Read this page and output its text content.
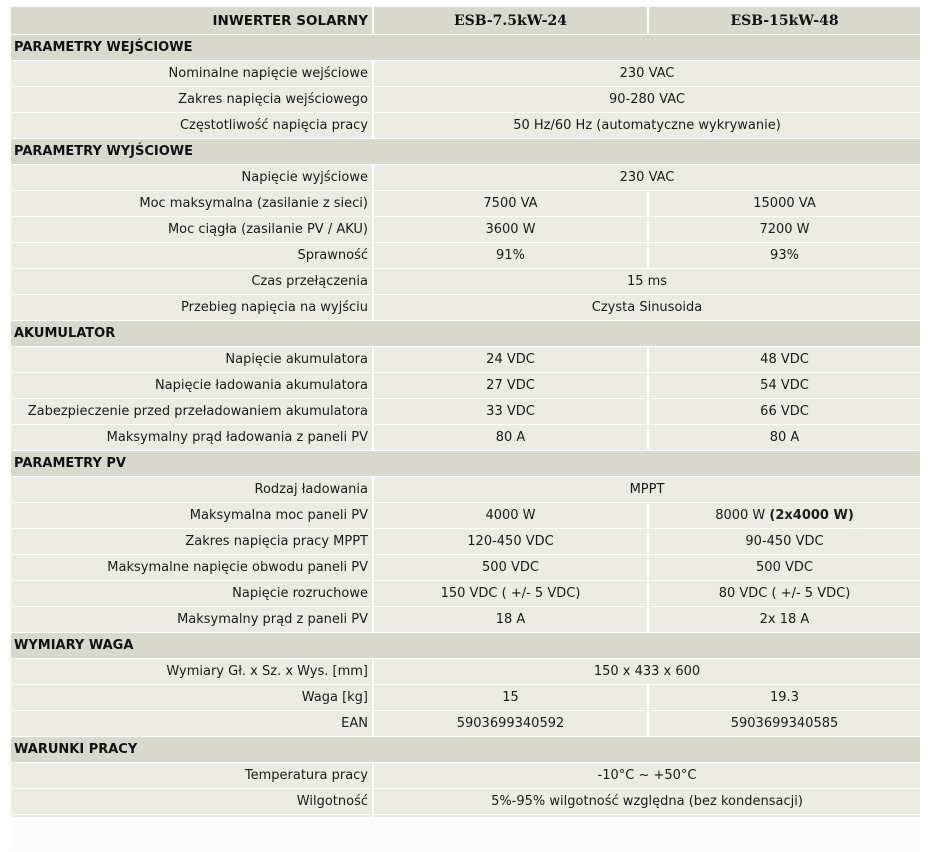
INWERTER SOLARNY	ESB-7.5kW-24	ESB-15kW-48
PARAMETRY WEJŚCIOWE		
Nominalne napięcie wejściowe	230 VAC	
Zakres napięcia wejściowego	90-280 VAC	
Częstotliwość napięcia pracy	50 Hz/60 Hz (automatyczne wykrywanie)	
PARAMETRY WYJŚCIOWE		
Napięcie wyjściowe	230 VAC	
Moc maksymalna (zasilanie z sieci)	7500 VA	15000 VA
Moc ciągła (zasilanie PV / AKU)	3600 W	7200 W
Sprawność	91%	93%
Czas przełączenia	15 ms	
Przebieg napięcia na wyjściu	Czysta Sinusoida	
AKUMULATOR		
Napięcie akumulatora	24 VDC	48 VDC
Napięcie ładowania akumulatora	27 VDC	54 VDC
Zabezpieczenie przed przeładowaniem akumulatora	33 VDC	66 VDC
Maksymalny prąd ładowania z paneli PV	80 A	80 A
PARAMETRY PV		
Rodzaj ładowania	MPPT	
Maksymalna moc paneli PV	4000 W	8000 W (2x4000 W)
Zakres napięcia pracy MPPT	120-450 VDC	90-450 VDC
Maksymalne napięcie obwodu paneli PV	500 VDC	500 VDC
Napięcie rozruchowe	150 VDC ( +/- 5 VDC)	80 VDC ( +/- 5 VDC)
Maksymalny prąd z paneli PV	18 A	2x 18 A
WYMIARY WAGA		
Wymiary Gł. x Sz. x Wys. [mm]	150 x 433 x 600	
Waga [kg]	15	19.3
EAN	5903699340592	5903699340585
WARUNKI PRACY		
Temperatura pracy	-10°C ~ +50°C	
Wilgotność	5%-95% wilgotność względna (bez kondensacji)	
